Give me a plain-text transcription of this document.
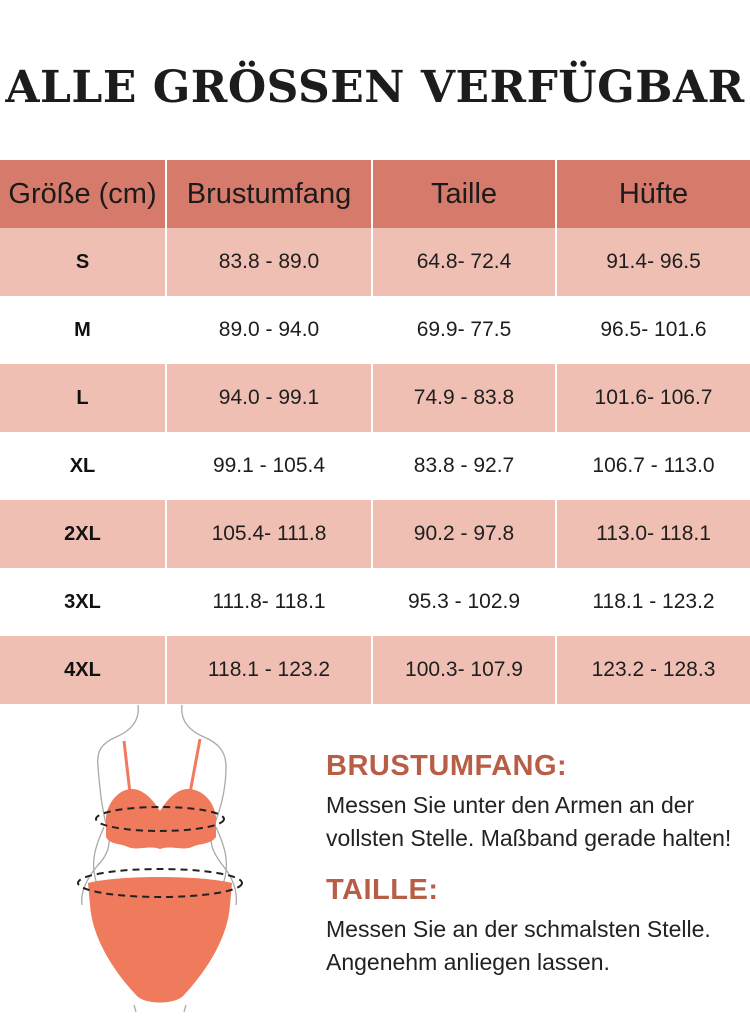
ALLE GRÖSSEN VERFÜGBAR
Größe (cm)	Brustumfang	Taille	Hüfte
S	83.8 - 89.0	64.8- 72.4	91.4- 96.5
M	89.0 - 94.0	69.9- 77.5	96.5- 101.6
L	94.0 - 99.1	74.9 - 83.8	101.6- 106.7
XL	99.1 - 105.4	83.8 - 92.7	106.7 - 113.0
2XL	105.4- 111.8	90.2 - 97.8	113.0- 118.1
3XL	111.8- 118.1	95.3 - 102.9	118.1 - 123.2
4XL	118.1 - 123.2	100.3- 107.9	123.2 - 128.3
BRUSTUMFANG:
Messen Sie unter den Armen an der
vollsten Stelle. Maßband gerade halten!
TAILLE:
Messen Sie an der schmalsten Stelle.
Angenehm anliegen lassen.
